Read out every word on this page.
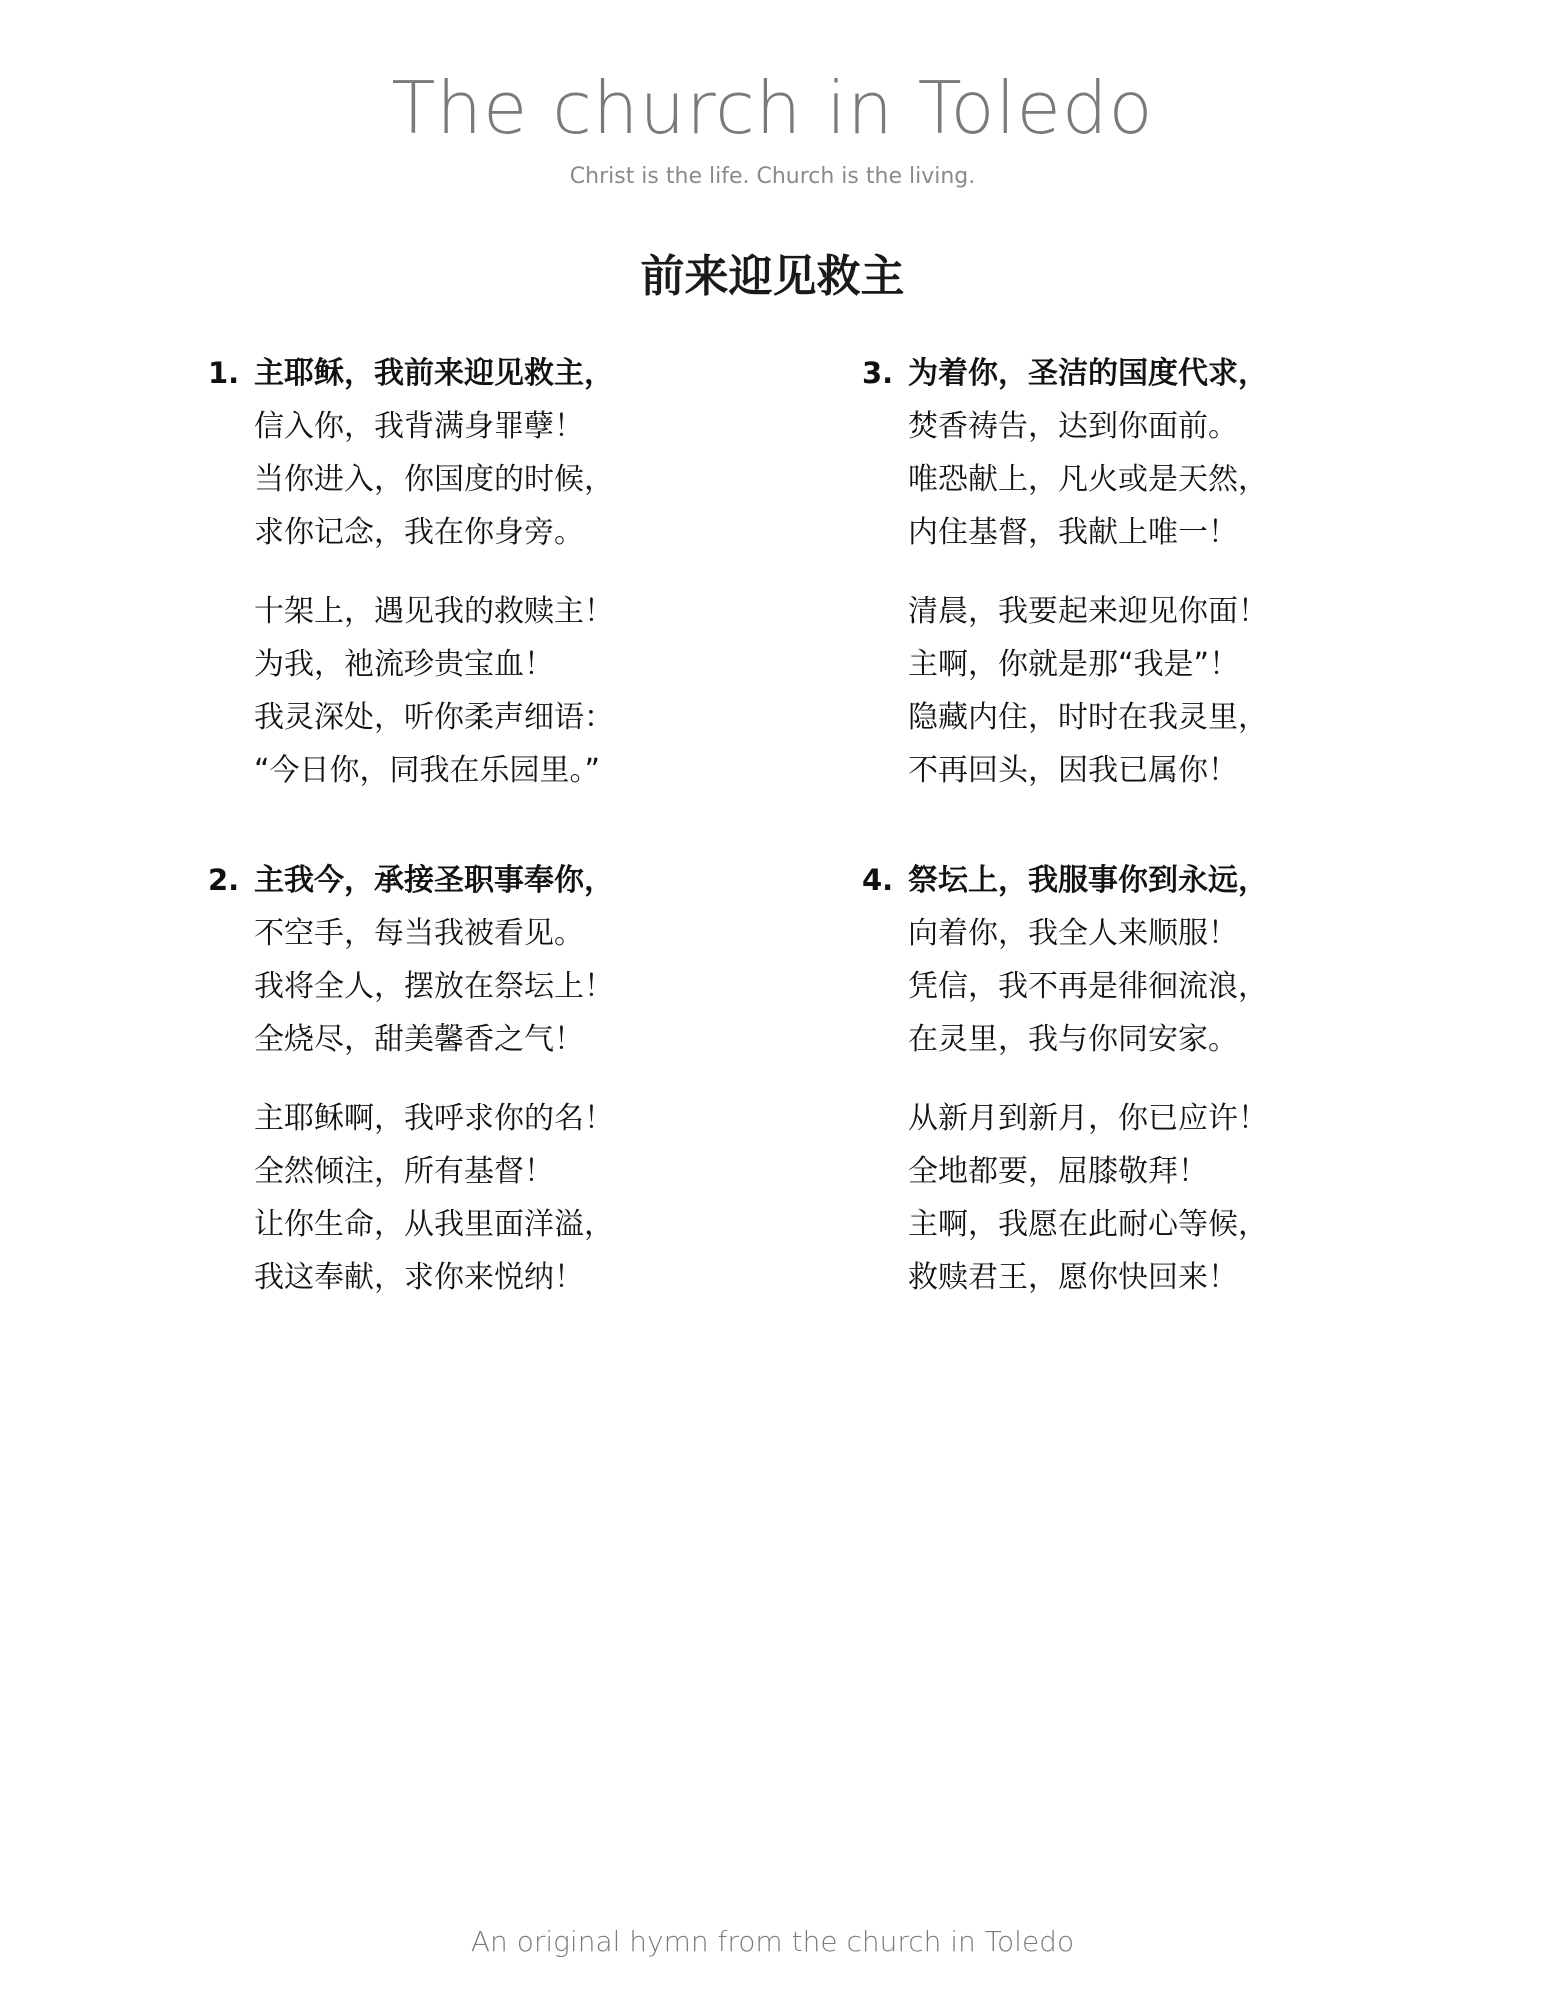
The church in Toledo
Christ is the life. Church is the living.
前来迎见救主
1. 主耶稣，我前来迎见救主，
信入你，我背满身罪孽！
当你进入，你国度的时候，
求你记念，我在你身旁。
十架上，遇见我的救赎主！
为我，祂流珍贵宝血！
我灵深处，听你柔声细语：
“今日你，同我在乐园里。”
2. 主我今，承接圣职事奉你，
不空手，每当我被看见。
我将全人，摆放在祭坛上！
全烧尽，甜美馨香之气！
主耶稣啊，我呼求你的名！
全然倾注，所有基督！
让你生命，从我里面洋溢，
我这奉献，求你来悦纳！
3. 为着你，圣洁的国度代求，
焚香祷告，达到你面前。
唯恐献上，凡火或是天然，
内住基督，我献上唯一！
清晨，我要起来迎见你面！
主啊，你就是那“我是”！
隐藏内住，时时在我灵里，
不再回头，因我已属你！
4. 祭坛上，我服事你到永远，
向着你，我全人来顺服！
凭信，我不再是徘徊流浪，
在灵里，我与你同安家。
从新月到新月，你已应许！
全地都要，屈膝敬拜！
主啊，我愿在此耐心等候，
救赎君王，愿你快回来！
An original hymn from the church in Toledo
